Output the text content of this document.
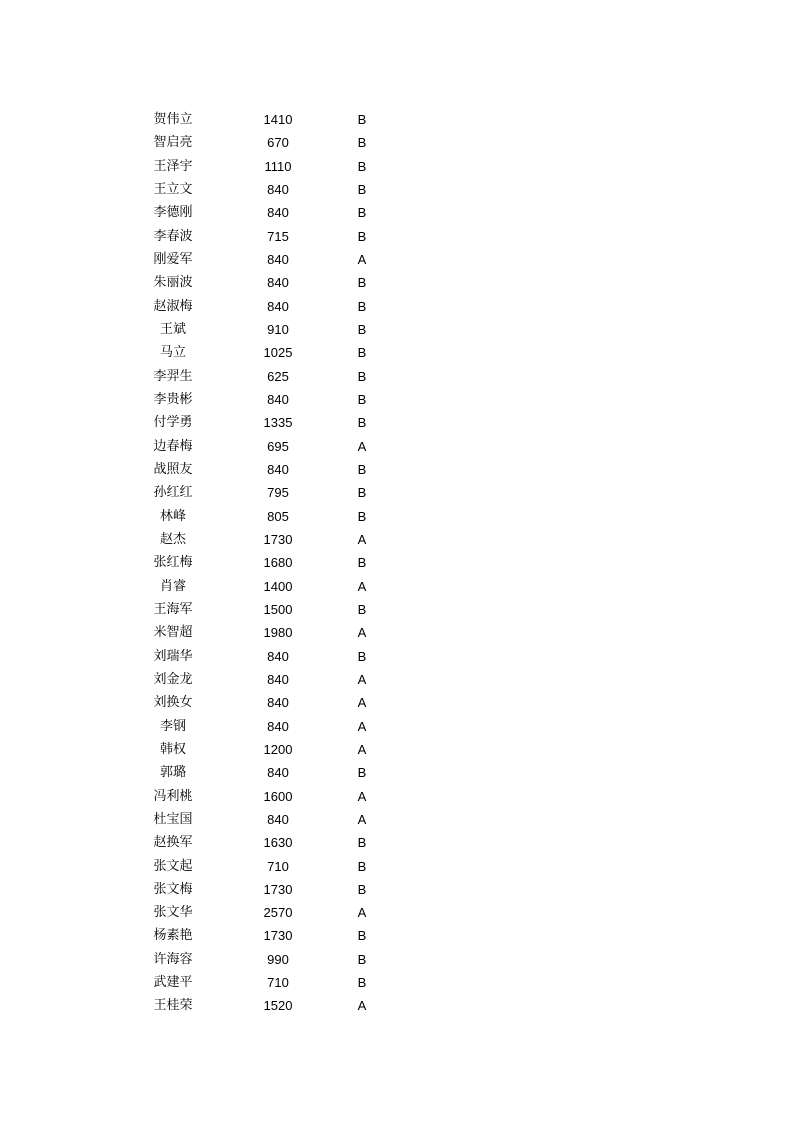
贺伟立	1410	B
智启亮	670	B
王泽宇	1110	B
王立文	840	B
李德刚	840	B
李春波	715	B
刚爱军	840	A
朱丽波	840	B
赵淑梅	840	B
王斌	910	B
马立	1025	B
李羿生	625	B
李贵彬	840	B
付学勇	1335	B
边春梅	695	A
战照友	840	B
孙红红	795	B
林峰	805	B
赵杰	1730	A
张红梅	1680	B
肖睿	1400	A
王海军	1500	B
米智超	1980	A
刘瑞华	840	B
刘金龙	840	A
刘换女	840	A
李钢	840	A
韩权	1200	A
郭璐	840	B
冯利桃	1600	A
杜宝国	840	A
赵换军	1630	B
张文起	710	B
张文梅	1730	B
张文华	2570	A
杨素艳	1730	B
许海容	990	B
武建平	710	B
王桂荣	1520	A
